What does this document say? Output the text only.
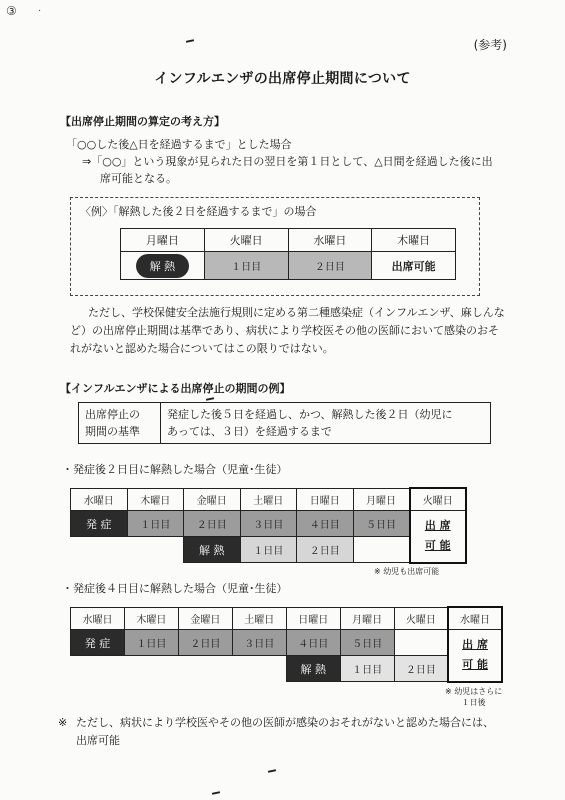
③ ·
(参考)
インフルエンザの出席停止期間について
【出席停止期間の算定の考え方】
「○○した後△日を経過するまで」とした場合
⇒「○○」という現象が見られた日の翌日を第１日として、△日間を経過した後に出
席可能となる。
〈例〉「解熱した後２日を経過するまで」の場合
月曜日	火曜日	水曜日	木曜日
解 熱	１日目	２日目	出席可能
ただし、学校保健安全法施行規則に定める第二種感染症（インフルエンザ、麻しんな
ど）の出席停止期間は基準であり、病状により学校医その他の医師において感染のおそ
れがないと認めた場合についてはこの限りではない。
【インフルエンザによる出席停止の期間の例】
出席停止の
期間の基準

発症した後５日を経過し、かつ、解熱した後２日（幼児に
あっては、３日）を経過するまで
・発症後２日目に解熱した場合（児童･生徒）
水曜日	木曜日	金曜日	土曜日	日曜日	月曜日	火曜日
発 症	１日目	２日目	３日目	４日目	５日目	出 席
可 能
		解 熱	１日目	２日目		
※ 幼児も出席可能
・発症後４日目に解熱した場合（児童･生徒）
水曜日	木曜日	金曜日	土曜日	日曜日	月曜日	火曜日	水曜日
発 症	１日目	２日目	３日目	４日目	５日目		出 席
可 能
				解 熱	１日目	２日目	
※ 幼児はさらに
１日後
※ ただし、病状により学校医やその他の医師が感染のおそれがないと認めた場合には、
出席可能
